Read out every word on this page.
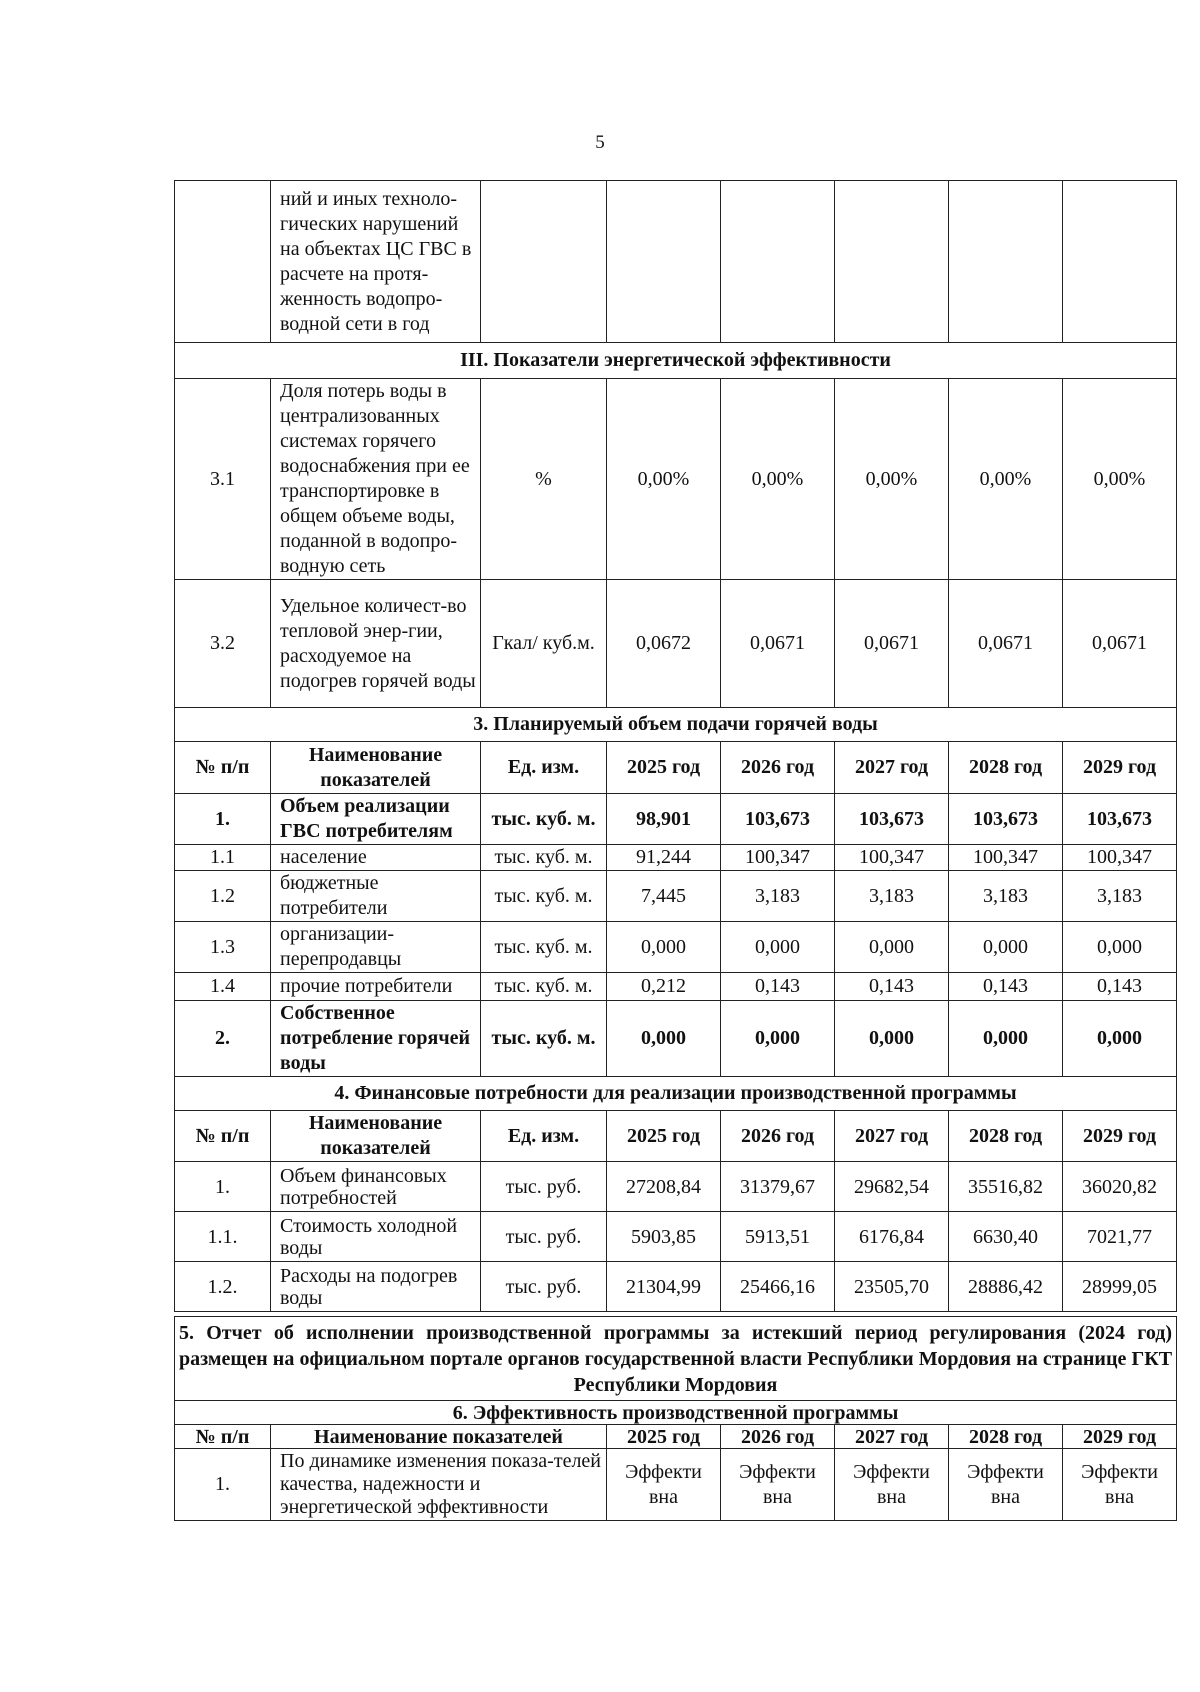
5
	ний и иных техноло-гических нарушений на объектах ЦС ГВС в расчете на протя-женность водопро-водной сети в год						
III. Показатели энергетической эффективности							
3.1	Доля потерь воды в централизованных системах горячего водоснабжения при ее транспортировке в общем объеме воды, поданной в водопро-водную сеть	%	0,00%	0,00%	0,00%	0,00%	0,00%
3.2	Удельное количест-во тепловой энер-гии, расходуемое на подогрев горячей воды	Гкал/ куб.м.	0,0672	0,0671	0,0671	0,0671	0,0671
3. Планируемый объем подачи горячей воды							
№ п/п	Наименование показателей	Ед. изм.	2025 год	2026 год	2027 год	2028 год	2029 год
1.	Объем реализации ГВС потребителям	тыс. куб. м.	98,901	103,673	103,673	103,673	103,673
1.1	население	тыс. куб. м.	91,244	100,347	100,347	100,347	100,347
1.2	бюджетные потребители	тыс. куб. м.	7,445	3,183	3,183	3,183	3,183
1.3	организации-перепродавцы	тыс. куб. м.	0,000	0,000	0,000	0,000	0,000
1.4	прочие потребители	тыс. куб. м.	0,212	0,143	0,143	0,143	0,143
2.	Собственное потребление горячей воды	тыс. куб. м.	0,000	0,000	0,000	0,000	0,000
4. Финансовые потребности для реализации производственной программы							
№ п/п	Наименование показателей	Ед. изм.	2025 год	2026 год	2027 год	2028 год	2029 год
1.	Объем финансовых потребностей	тыс. руб.	27208,84	31379,67	29682,54	35516,82	36020,82
1.1.	Стоимость холодной воды	тыс. руб.	5903,85	5913,51	6176,84	6630,40	7021,77
1.2.	Расходы на подогрев воды	тыс. руб.	21304,99	25466,16	23505,70	28886,42	28999,05
5. Отчет об исполнении производственной программы за истекший период регулирования (2024 год) размещен на официальном портале органов государственной власти Республики Мордовия на странице ГКТ Республики Мордовия						
6. Эффективность производственной программы						
№ п/п	Наименование показателей	2025 год	2026 год	2027 год	2028 год	2029 год
1.	По динамике изменения показа-телей качества, надежности и энергетической эффективности	Эффекти вна	Эффекти вна	Эффекти вна	Эффекти вна	Эффекти вна
